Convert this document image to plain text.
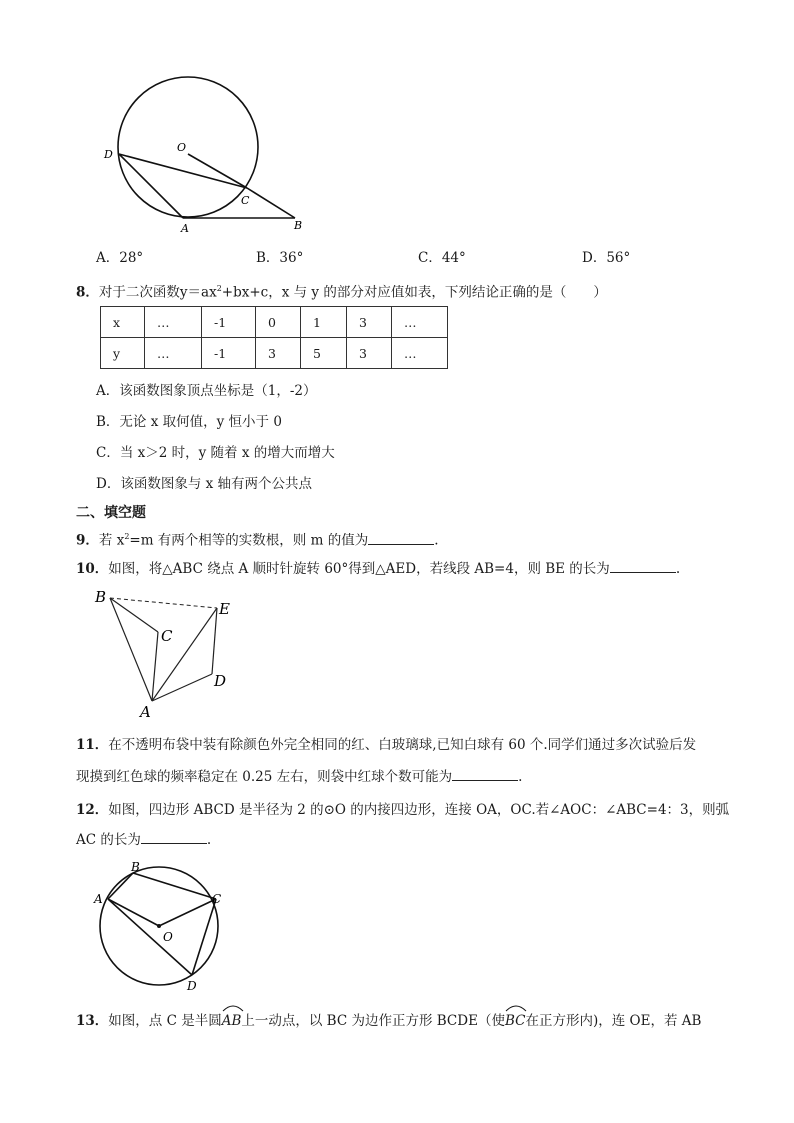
O
D
C
A	B
A．28°	B．36°	C．44°	D．56°
8．对于二次函数$y=ax^2+bx+c$，x 与 y 的部分对应值如表，下列结论正确的是（　　）
x	…	-1	0	1	3	…
y	…	-1	3	5	3	…
A．该函数图象顶点坐标是（1，-2）
B．无论 x 取何值，y 恒小于 0
C．当 x＞2 时，y 随着 x 的增大而增大
D．该函数图象与 x 轴有两个公共点
二、填空题
9．若 $x^2=m$ 有两个相等的实数根，则 m 的值为	.
10．如图，将△ABC 绕点 A 顺时针旋转 60°得到△AED，若线段 AB=4，则 BE 的长为	.
B
E
C
D
A
11．在不透明布袋中装有除颜色外完全相同的红、白玻璃球,已知白球有 60 个.同学们通过多次试验后发
现摸到红色球的频率稳定在 0.25 左右，则袋中红球个数可能为	.
12．如图，四边形 ABCD 是半径为 2 的⊙O 的内接四边形，连接 OA，OC.若∠AOC：∠ABC=4：3，则弧
AC 的长为	.
A
B
C
O
D
13．如图，点 C 是半圆
AB上一动点，以 BC 为边作正方形 BCDE（使
BC在正方形内)，连 OE，若 AB
